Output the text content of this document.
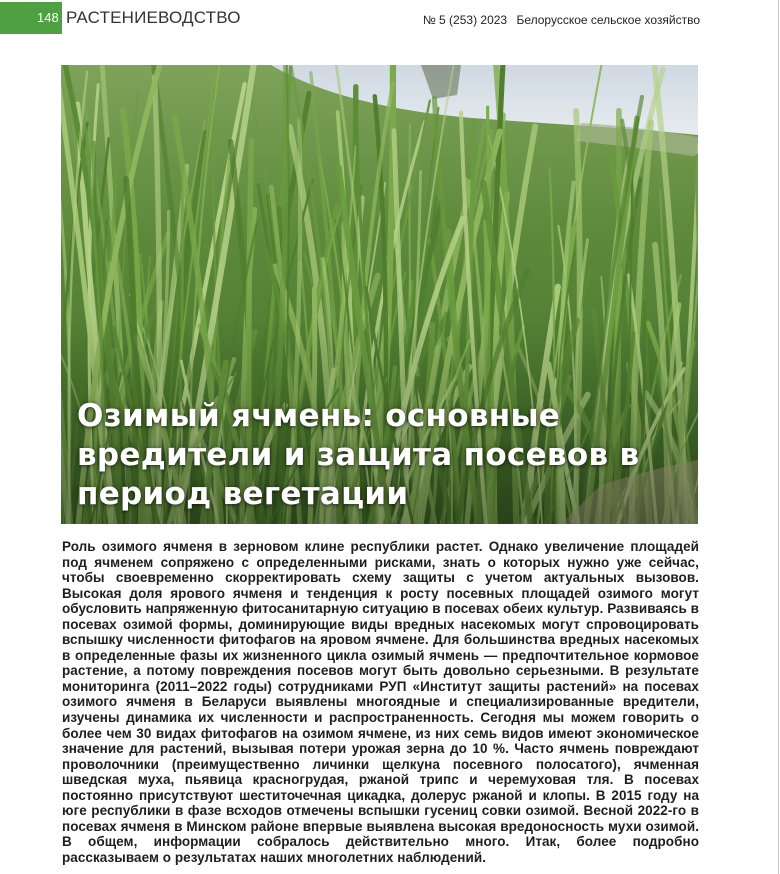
148 РАСТЕНИЕВОДСТВО	№ 5 (253) 2023 Белорусское сельское хозяйство
Озимый ячмень: основные вредители и защита посевов в период вегетации

Роль озимого ячменя в зерновом клине республики растет. Однако увеличение площадей под ячменем сопряжено с определенными рисками, знать о которых нужно уже сейчас, чтобы своевременно скорректировать схему защиты с учетом актуальных вызовов. Высокая доля ярового ячменя и тенденция к росту посевных площадей озимого могут обусловить напряженную фитосанитарную ситуацию в посевах обеих культур. Развиваясь в посевах озимой формы, доминирующие виды вредных насекомых могут спровоцировать вспышку численности фитофагов на яровом ячмене. Для большинства вредных насекомых в определенные фазы их жизненного цикла озимый ячмень — предпочтительное кормовое растение, а потому повреждения посевов могут быть довольно серьезными. В результате мониторинга (2011–2022 годы) сотрудниками РУП «Институт защиты растений» на посевах озимого ячменя в Беларуси выявлены многоядные и специализированные вредители, изучены динамика их численности и распространенность. Сегодня мы можем говорить о более чем 30 видах фитофагов на озимом ячмене, из них семь видов имеют экономическое значение для растений, вызывая потери урожая зерна до 10 %. Часто ячмень повреждают проволочники (преимущественно личинки щелкуна посевного полосатого), ячменная шведская муха, пьявица красногрудая, ржаной трипс и черемуховая тля. В посевах постоянно присутствуют шеститочечная цикадка, долерус ржаной и клопы. В 2015 году на юге республики в фазе всходов отмечены вспышки гусениц совки озимой. Весной 2022-го в посевах ячменя в Минском районе впервые выявлена высокая вредоносность мухи озимой. В общем, информации собралось действительно много. Итак, более подробно рассказываем о результатах наших многолетних наблюдений.
